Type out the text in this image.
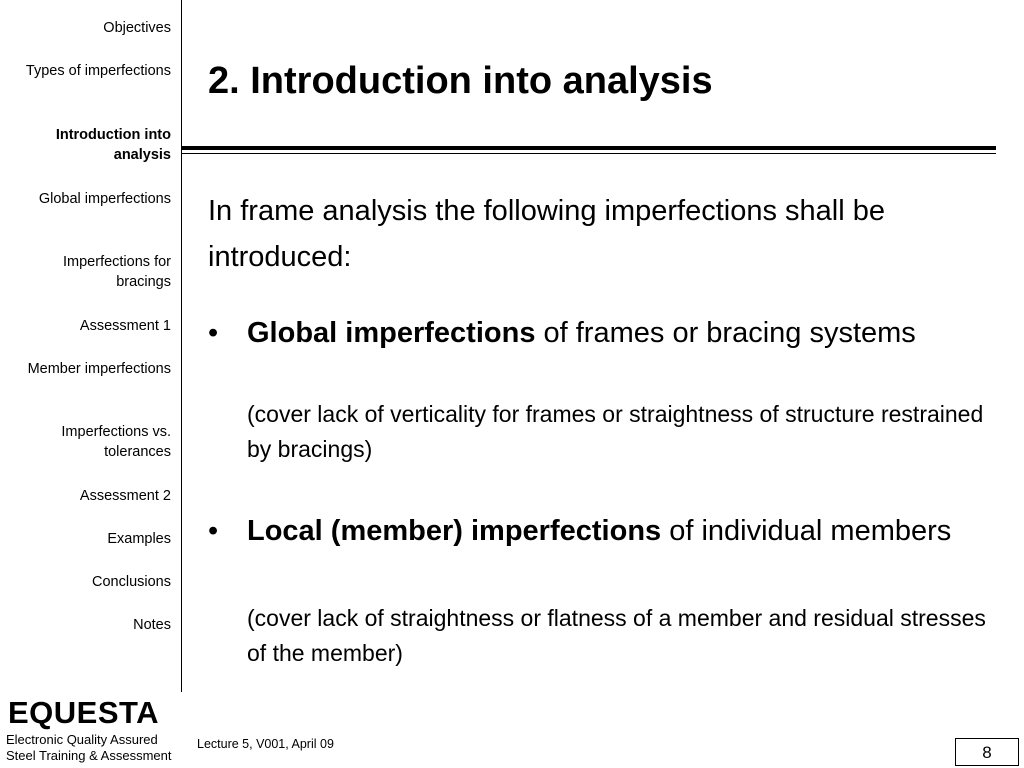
Objectives
Types of imperfections
Introduction into analysis
Global imperfections
Imperfections for bracings
Assessment 1
Member imperfections
Imperfections vs. tolerances
Assessment 2
Examples
Conclusions
Notes
EQUESTA
Electronic Quality Assured
Steel Training & Assessment
2. Introduction into analysis
In frame analysis the following imperfections shall be introduced:
• Global imperfections of frames or bracing systems
(cover lack of verticality for frames or straightness of structure restrained by bracings)
• Local (member) imperfections of individual members
(cover lack of straightness or flatness of a member and residual stresses of the member)
Lecture 5, V001, April 09	8
